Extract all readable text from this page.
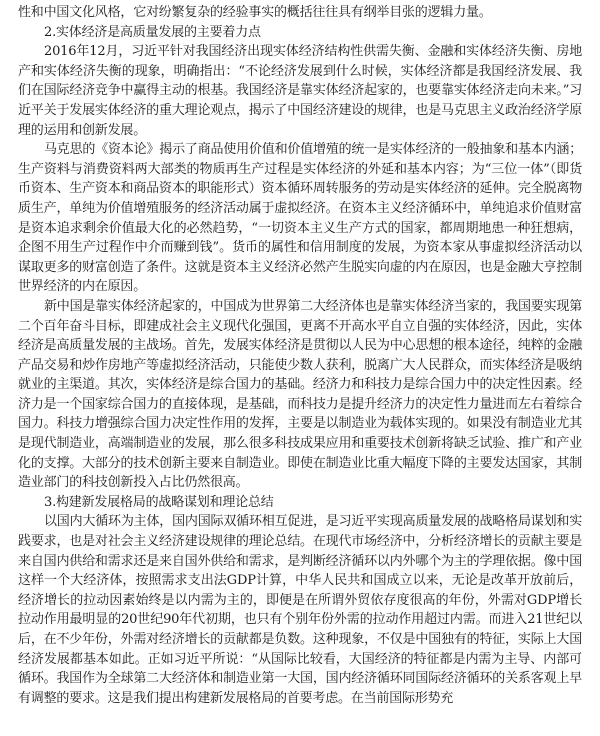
性和中国文化风格，它对纷繁复杂的经验事实的概括往往具有纲举目张的逻辑力量。

2.实体经济是高质量发展的主要着力点

2016年12月，习近平针对我国经济出现实体经济结构性供需失衡、金融和实体经济失衡、房地产和实体经济失衡的现象，明确指出：“不论经济发展到什么时候，实体经济都是我国经济发展、我们在国际经济竞争中赢得主动的根基。我国经济是靠实体经济起家的，也要靠实体经济走向未来。”习近平关于发展实体经济的重大理论观点，揭示了中国经济建设的规律，也是马克思主义政治经济学原理的运用和创新发展。

马克思的《资本论》揭示了商品使用价值和价值增殖的统一是实体经济的一般抽象和基本内涵；生产资料与消费资料两大部类的物质再生产过程是实体经济的外延和基本内容；为“三位一体”（即货币资本、生产资本和商品资本的职能形式）资本循环周转服务的劳动是实体经济的延伸。完全脱离物质生产，单纯为价值增殖服务的经济活动属于虚拟经济。在资本主义经济循环中，单纯追求价值财富是资本追求剩余价值最大化的必然趋势，“一切资本主义生产方式的国家，都周期地患一种狂想病，企图不用生产过程作中介而赚到钱”。货币的属性和信用制度的发展，为资本家从事虚拟经济活动以谋取更多的财富创造了条件。这就是资本主义经济必然产生脱实向虚的内在原因，也是金融大亨控制世界经济的内在原因。

新中国是靠实体经济起家的，中国成为世界第二大经济体也是靠实体经济当家的，我国要实现第二个百年奋斗目标，即建成社会主义现代化强国，更离不开高水平自立自强的实体经济，因此，实体经济是高质量发展的主战场。首先，发展实体经济是贯彻以人民为中心思想的根本途径，纯粹的金融产品交易和炒作房地产等虚拟经济活动，只能使少数人获利，脱离广大人民群众，而实体经济是吸纳就业的主渠道。其次，实体经济是综合国力的基础。经济力和科技力是综合国力中的决定性因素。经济力是一个国家综合国力的直接体现，是基础，而科技力是提升经济力的决定性力量进而左右着综合国力。科技力增强综合国力决定性作用的发挥，主要是以制造业为载体实现的。如果没有制造业尤其是现代制造业，高端制造业的发展，那么很多科技成果应用和重要技术创新将缺乏试验、推广和产业化的支撑。大部分的技术创新主要来自制造业。即使在制造业比重大幅度下降的主要发达国家，其制造业部门的科技创新投入占比仍然很高。

3.构建新发展格局的战略谋划和理论总结

以国内大循环为主体，国内国际双循环相互促进，是习近平实现高质量发展的战略格局谋划和实践要求，也是对社会主义经济建设规律的理论总结。在现代市场经济中，分析经济增长的贡献主要是来自国内供给和需求还是来自国外供给和需求，是判断经济循环以内外哪个为主的学理依据。像中国这样一个大经济体，按照需求支出法GDP计算，中华人民共和国成立以来，无论是改革开放前后，经济增长的拉动因素始终是以内需为主的，即便是在所谓外贸依存度很高的年份，外需对GDP增长拉动作用最明显的20世纪90年代初期，也只有个别年份外需的拉动作用超过内需。而进入21世纪以后，在不少年份，外需对经济增长的贡献都是负数。这种现象，不仅是中国独有的特征，实际上大国经济发展都基本如此。正如习近平所说：“从国际比较看，大国经济的特征都是内需为主导、内部可循环。我国作为全球第二大经济体和制造业第一大国，国内经济循环同国际经济循环的关系客观上早有调整的要求。这是我们提出构建新发展格局的首要考虑。在当前国际形势充
